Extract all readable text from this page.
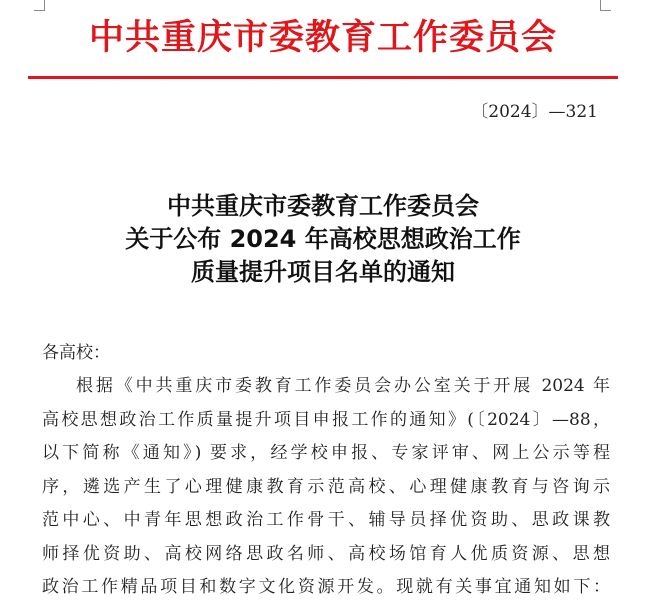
中共重庆市委教育工作委员会
〔2024〕—321
中共重庆市委教育工作委员会
关于公布 2024 年高校思想政治工作
质量提升项目名单的通知
各高校：
根据《中共重庆市委教育工作委员会办公室关于开展 2024 年
高校思想政治工作质量提升项目申报工作的通知》(〔2024〕—88，
以下简称《通知》) 要求，经学校申报、专家评审、网上公示等程
序，遴选产生了心理健康教育示范高校、心理健康教育与咨询示
范中心、中青年思想政治工作骨干、辅导员择优资助、思政课教
师择优资助、高校网络思政名师、高校场馆育人优质资源、思想
政治工作精品项目和数字文化资源开发。现就有关事宜通知如下：
